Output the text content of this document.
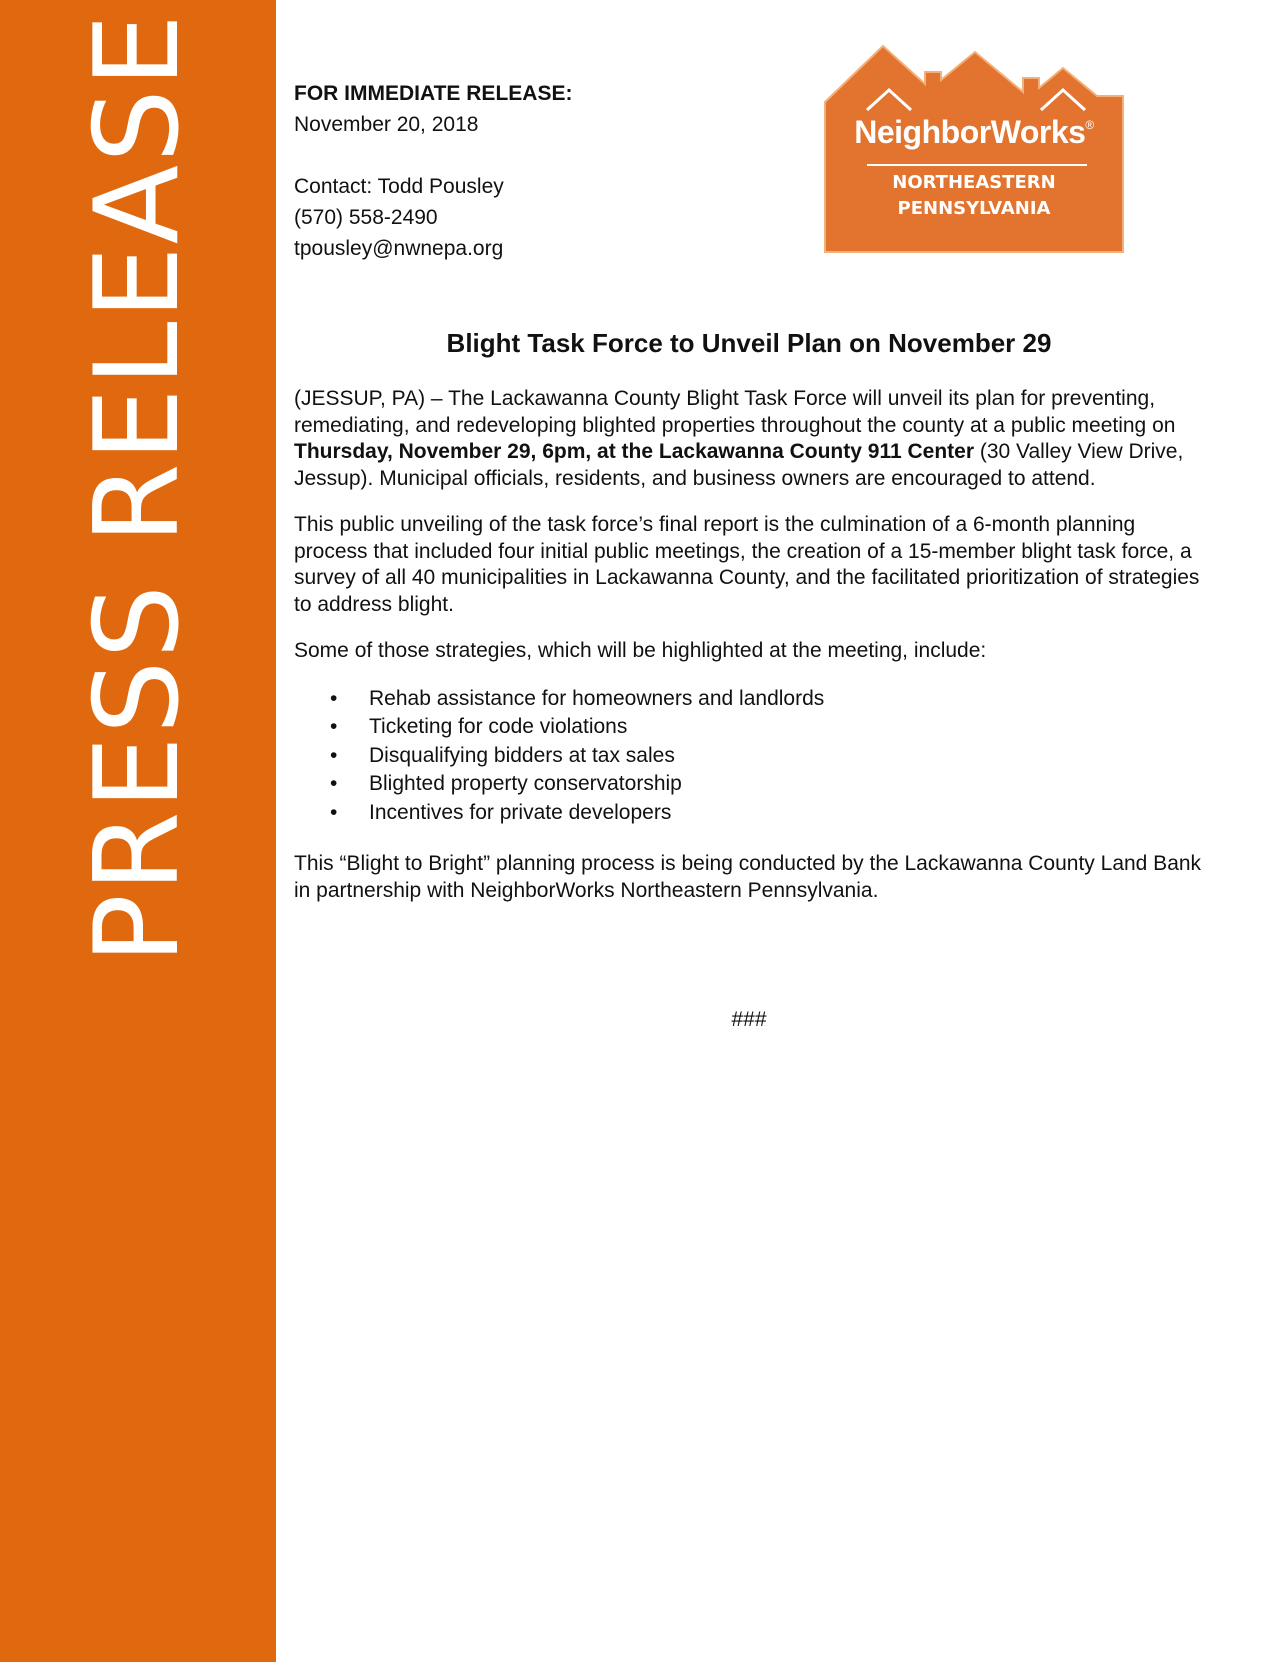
PRESS RELEASE	FOR IMMEDIATE RELEASE:
November 20, 2018
Contact: Todd Pousley
(570) 558-2490
tpousley@nwnepa.org
NeighborWorks®
NORTHEASTERN
PENNSYLVANIA
Blight Task Force to Unveil Plan on November 29

(JESSUP, PA) – The Lackawanna County Blight Task Force will unveil its plan for preventing, remediating, and redeveloping blighted properties throughout the county at a public meeting on Thursday, November 29, 6pm, at the Lackawanna County 911 Center (30 Valley View Drive, Jessup). Municipal officials, residents, and business owners are encouraged to attend.

This public unveiling of the task force’s final report is the culmination of a 6-month planning process that included four initial public meetings, the creation of a 15-member blight task force, a survey of all 40 municipalities in Lackawanna County, and the facilitated prioritization of strategies to address blight.

Some of those strategies, which will be highlighted at the meeting, include:

• Rehab assistance for homeowners and landlords
• Ticketing for code violations
• Disqualifying bidders at tax sales
• Blighted property conservatorship
• Incentives for private developers

This “Blight to Bright” planning process is being conducted by the Lackawanna County Land Bank in partnership with NeighborWorks Northeastern Pennsylvania.

###
